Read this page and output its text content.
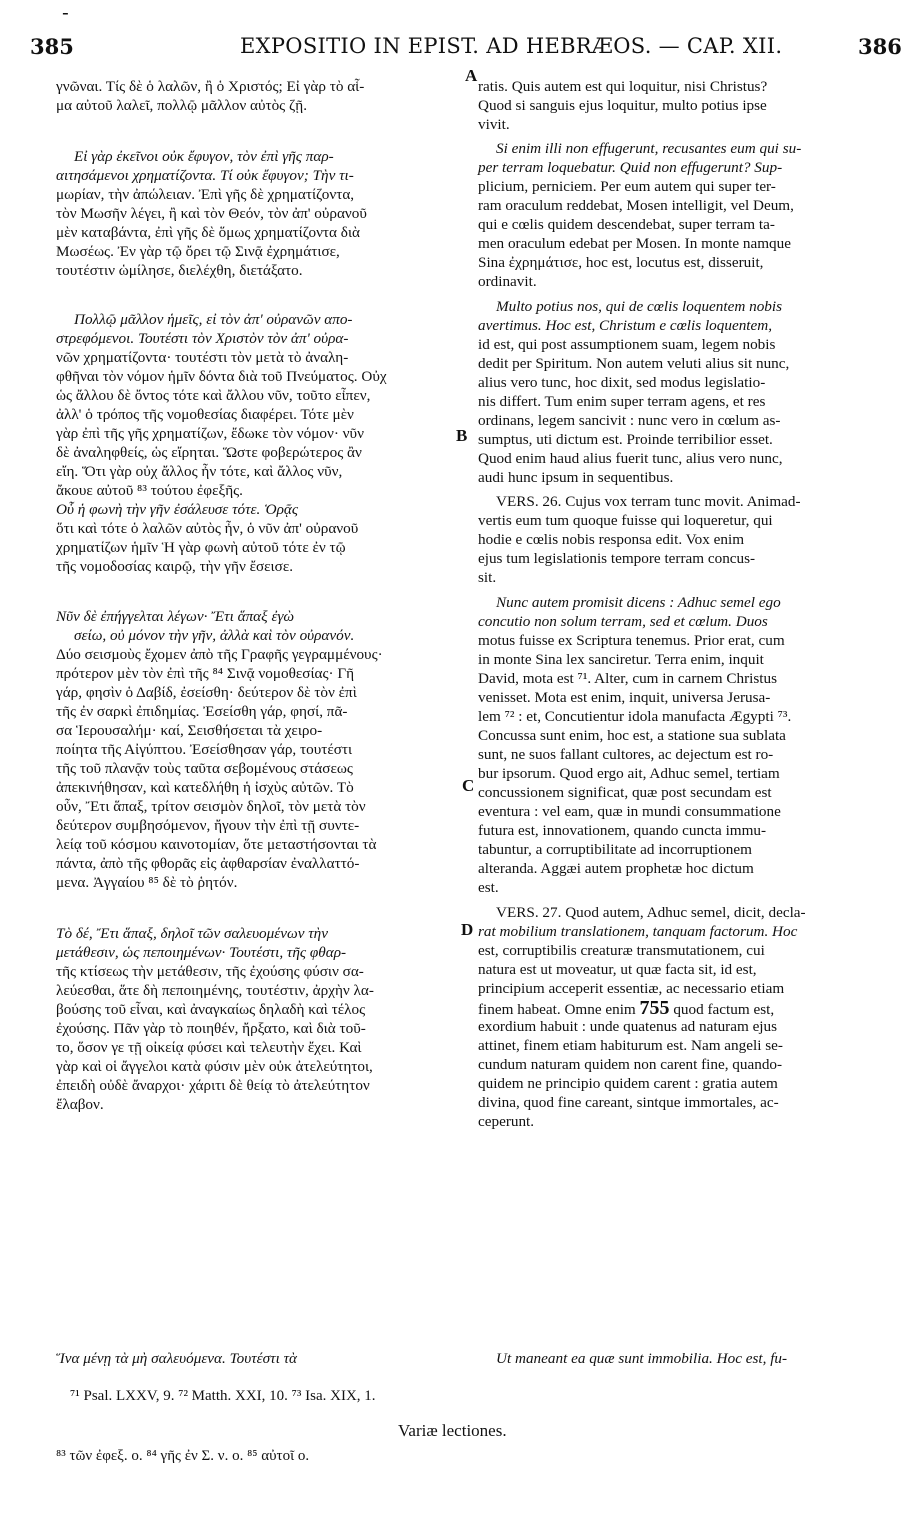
-
385	EXPOSITIO IN EPIST. AD HEBRÆOS. — CAP. XII.	386
A
B
C
D

γνῶναι. Τίς δὲ ὁ λαλῶν, ἢ ὁ Χριστός; Εἰ γὰρ τὸ αἷ-

μα αὐτοῦ λαλεῖ, πολλῷ μᾶλλον αὐτὸς ζῇ.

Εἰ γὰρ ἐκεῖνοι οὐκ ἔφυγον, τὸν ἐπὶ γῆς παρ-

αιτησάμενοι χρηματίζοντα. Τί οὐκ ἔφυγον; Τὴν τι-

μωρίαν, τὴν ἀπώλειαν. Ἐπὶ γῆς δὲ χρηματίζοντα,

τὸν Μωσῆν λέγει, ἢ καὶ τὸν Θεόν, τὸν ἀπ' οὐρανοῦ

μὲν καταβάντα, ἐπὶ γῆς δὲ ὅμως χρηματίζοντα διὰ

Μωσέως. Ἐν γὰρ τῷ ὄρει τῷ Σινᾷ ἐχρημάτισε,

τουτέστιν ὡμίλησε, διελέχθη, διετάξατο.

Πολλῷ μᾶλλον ἡμεῖς, εἰ τὸν ἀπ' οὐρανῶν απο-

στρεφόμενοι. Τουτέστι τὸν Χριστὸν τὸν ἀπ' οὐρα-

νῶν χρηματίζοντα· τουτέστι τὸν μετὰ τὸ ἀναλη-

φθῆναι τὸν νόμον ἡμῖν δόντα διὰ τοῦ Πνεύματος. Οὐχ

ὡς ἄλλου δὲ ὄντος τότε καὶ ἄλλου νῦν, τοῦτο εἶπεν,

ἀλλ' ὁ τρόπος τῆς νομοθεσίας διαφέρει. Τότε μὲν

γὰρ ἐπὶ τῆς γῆς χρηματίζων, ἔδωκε τὸν νόμον· νῦν

δὲ ἀναληφθείς, ὡς εἴρηται. Ὥστε φοβερώτερος ἂν

εἴη. Ὅτι γὰρ οὐχ ἄλλος ἦν τότε, καὶ ἄλλος νῦν,

ἄκουε αὐτοῦ ⁸³ τούτου ἐφεξῆς.

Οὗ ἡ φωνὴ τὴν γῆν ἐσάλευσε τότε. Ὁρᾷς

ὅτι καὶ τότε ὁ λαλῶν αὐτὸς ἦν, ὁ νῦν ἀπ' οὐρανοῦ

χρηματίζων ἡμῖν Ἡ γὰρ φωνὴ αὐτοῦ τότε ἐν τῷ

τῆς νομοδοσίας καιρῷ, τὴν γῆν ἔσεισε.

Νῦν δὲ ἐπήγγελται λέγων· Ἔτι ἅπαξ ἐγὼ

σείω, οὐ μόνον τὴν γῆν, ἀλλὰ καὶ τὸν οὐρανόν.

Δύο σεισμοὺς ἔχομεν ἀπὸ τῆς Γραφῆς γεγραμμένους·

πρότερον μὲν τὸν ἐπὶ τῆς ⁸⁴ Σινᾷ νομοθεσίας· Γῆ

γάρ, φησὶν ὁ Δαβίδ, ἐσείσθη· δεύτερον δὲ τὸν ἐπὶ

τῆς ἐν σαρκὶ ἐπιδημίας. Ἐσείσθη γάρ, φησί, πᾶ-

σα Ἱερουσαλήμ· καί, Σεισθήσεται τὰ χειρο-

ποίητα τῆς Αἰγύπτου. Ἐσείσθησαν γάρ, τουτέστι

τῆς τοῦ πλανᾷν τοὺς ταῦτα σεβομένους στάσεως

ἀπεκινήθησαν, καὶ κατεδλήθη ἡ ἰσχὺς αὐτῶν. Τὸ

οὖν, Ἔτι ἅπαξ, τρίτον σεισμὸν δηλοῖ, τὸν μετὰ τὸν

δεύτερον συμβησόμενον, ἤγουν τὴν ἐπὶ τῇ συντε-

λείᾳ τοῦ κόσμου καινοτομίαν, ὅτε μεταστήσονται τὰ

πάντα, ἀπὸ τῆς φθορᾶς εἰς ἀφθαρσίαν ἐναλλαττό-

μενα. Ἀγγαίου ⁸⁵ δὲ τὸ ῥητόν.

Τὸ δέ, Ἔτι ἅπαξ, δηλοῖ τῶν σαλευομένων τὴν

μετάθεσιν, ὡς πεποιημένων· Τουτέστι, τῆς φθαρ-

τῆς κτίσεως τὴν μετάθεσιν, τῆς ἐχούσης φύσιν σα-

λεύεσθαι, ἅτε δὴ πεποιημένης, τουτέστιν, ἀρχὴν λα-

βούσης τοῦ εἶναι, καὶ ἀναγκαίως δηλαδὴ καὶ τέλος

ἐχούσης. Πᾶν γὰρ τὸ ποιηθέν, ἤρξατο, καὶ διὰ τοῦ-

το, ὅσον γε τῇ οἰκείᾳ φύσει καὶ τελευτὴν ἔχει. Καὶ

γὰρ καὶ οἱ ἄγγελοι κατὰ φύσιν μὲν οὐκ ἀτελεύτητοι,

ἐπειδὴ οὐδὲ ἄναρχοι· χάριτι δὲ θείᾳ τὸ ἀτελεύτητον

ἔλαβον.

Ἵνα μένῃ τὰ μὴ σαλευόμενα. Τουτέστι τὰ

ratis. Quis autem est qui loquitur, nisi Christus?

Quod si sanguis ejus loquitur, multo potius ipse

vivit.

Si enim illi non effugerunt, recusantes eum qui su-

per terram loquebatur. Quid non effugerunt? Sup-

plicium, perniciem. Per eum autem qui super ter-

ram oraculum reddebat, Mosen intelligit, vel Deum,

qui e cœlis quidem descendebat, super terram ta-

men oraculum edebat per Mosen. In monte namque

Sina ἐχρημάτισε, hoc est, locutus est, disseruit,

ordinavit.

Multo potius nos, qui de cœlis loquentem nobis

avertimus. Hoc est, Christum e cœlis loquentem,

id est, qui post assumptionem suam, legem nobis

dedit per Spiritum. Non autem veluti alius sit nunc,

alius vero tunc, hoc dixit, sed modus legislatio-

nis differt. Tum enim super terram agens, et res

ordinans, legem sancivit : nunc vero in cœlum as-

sumptus, uti dictum est. Proinde terribilior esset.

Quod enim haud alius fuerit tunc, alius vero nunc,

audi hunc ipsum in sequentibus.

VERS. 26. Cujus vox terram tunc movit. Animad-

vertis eum tum quoque fuisse qui loqueretur, qui

hodie e cœlis nobis responsa edit. Vox enim

ejus tum legislationis tempore terram concus-

sit.

Nunc autem promisit dicens : Adhuc semel ego

concutio non solum terram, sed et cœlum. Duos

motus fuisse ex Scriptura tenemus. Prior erat, cum

in monte Sina lex sanciretur. Terra enim, inquit

David, mota est ⁷¹. Alter, cum in carnem Christus

venisset. Mota est enim, inquit, universa Jerusa-

lem ⁷² : et, Concutientur idola manufacta Ægypti ⁷³.

Concussa sunt enim, hoc est, a statione sua sublata

sunt, ne suos fallant cultores, ac dejectum est ro-

bur ipsorum. Quod ergo ait, Adhuc semel, tertiam

concussionem significat, quæ post secundam est

eventura : vel eam, quæ in mundi consummatione

futura est, innovationem, quando cuncta immu-

tabuntur, a corruptibilitate ad incorruptionem

alteranda. Aggæi autem prophetæ hoc dictum

est.

VERS. 27. Quod autem, Adhuc semel, dicit, decla-

rat mobilium translationem, tanquam factorum. Hoc

est, corruptibilis creaturæ transmutationem, cui

natura est ut moveatur, ut quæ facta sit, id est,

principium acceperit essentiæ, ac necessario etiam

exordium habuit : unde quatenus ad naturam ejus

attinet, finem etiam habiturum est. Nam angeli se-

cundum naturam quidem non carent fine, quando-

quidem ne principio quidem carent : gratia autem

divina, quod fine careant, sintque immortales, ac-

ceperunt.

Ut maneant ea quæ sunt immobilia. Hoc est, fu-

finem habeat. Omne enim 755 quod factum est,
⁷¹ Psal. LXXV, 9. ⁷² Matth. XXI, 10. ⁷³ Isa. XIX, 1.
Variæ lectiones.
⁸³ τῶν ἐφεξ. ο. ⁸⁴ γῆς ἐν Σ. ν. ο. ⁸⁵ αὐτοῖ ο.
